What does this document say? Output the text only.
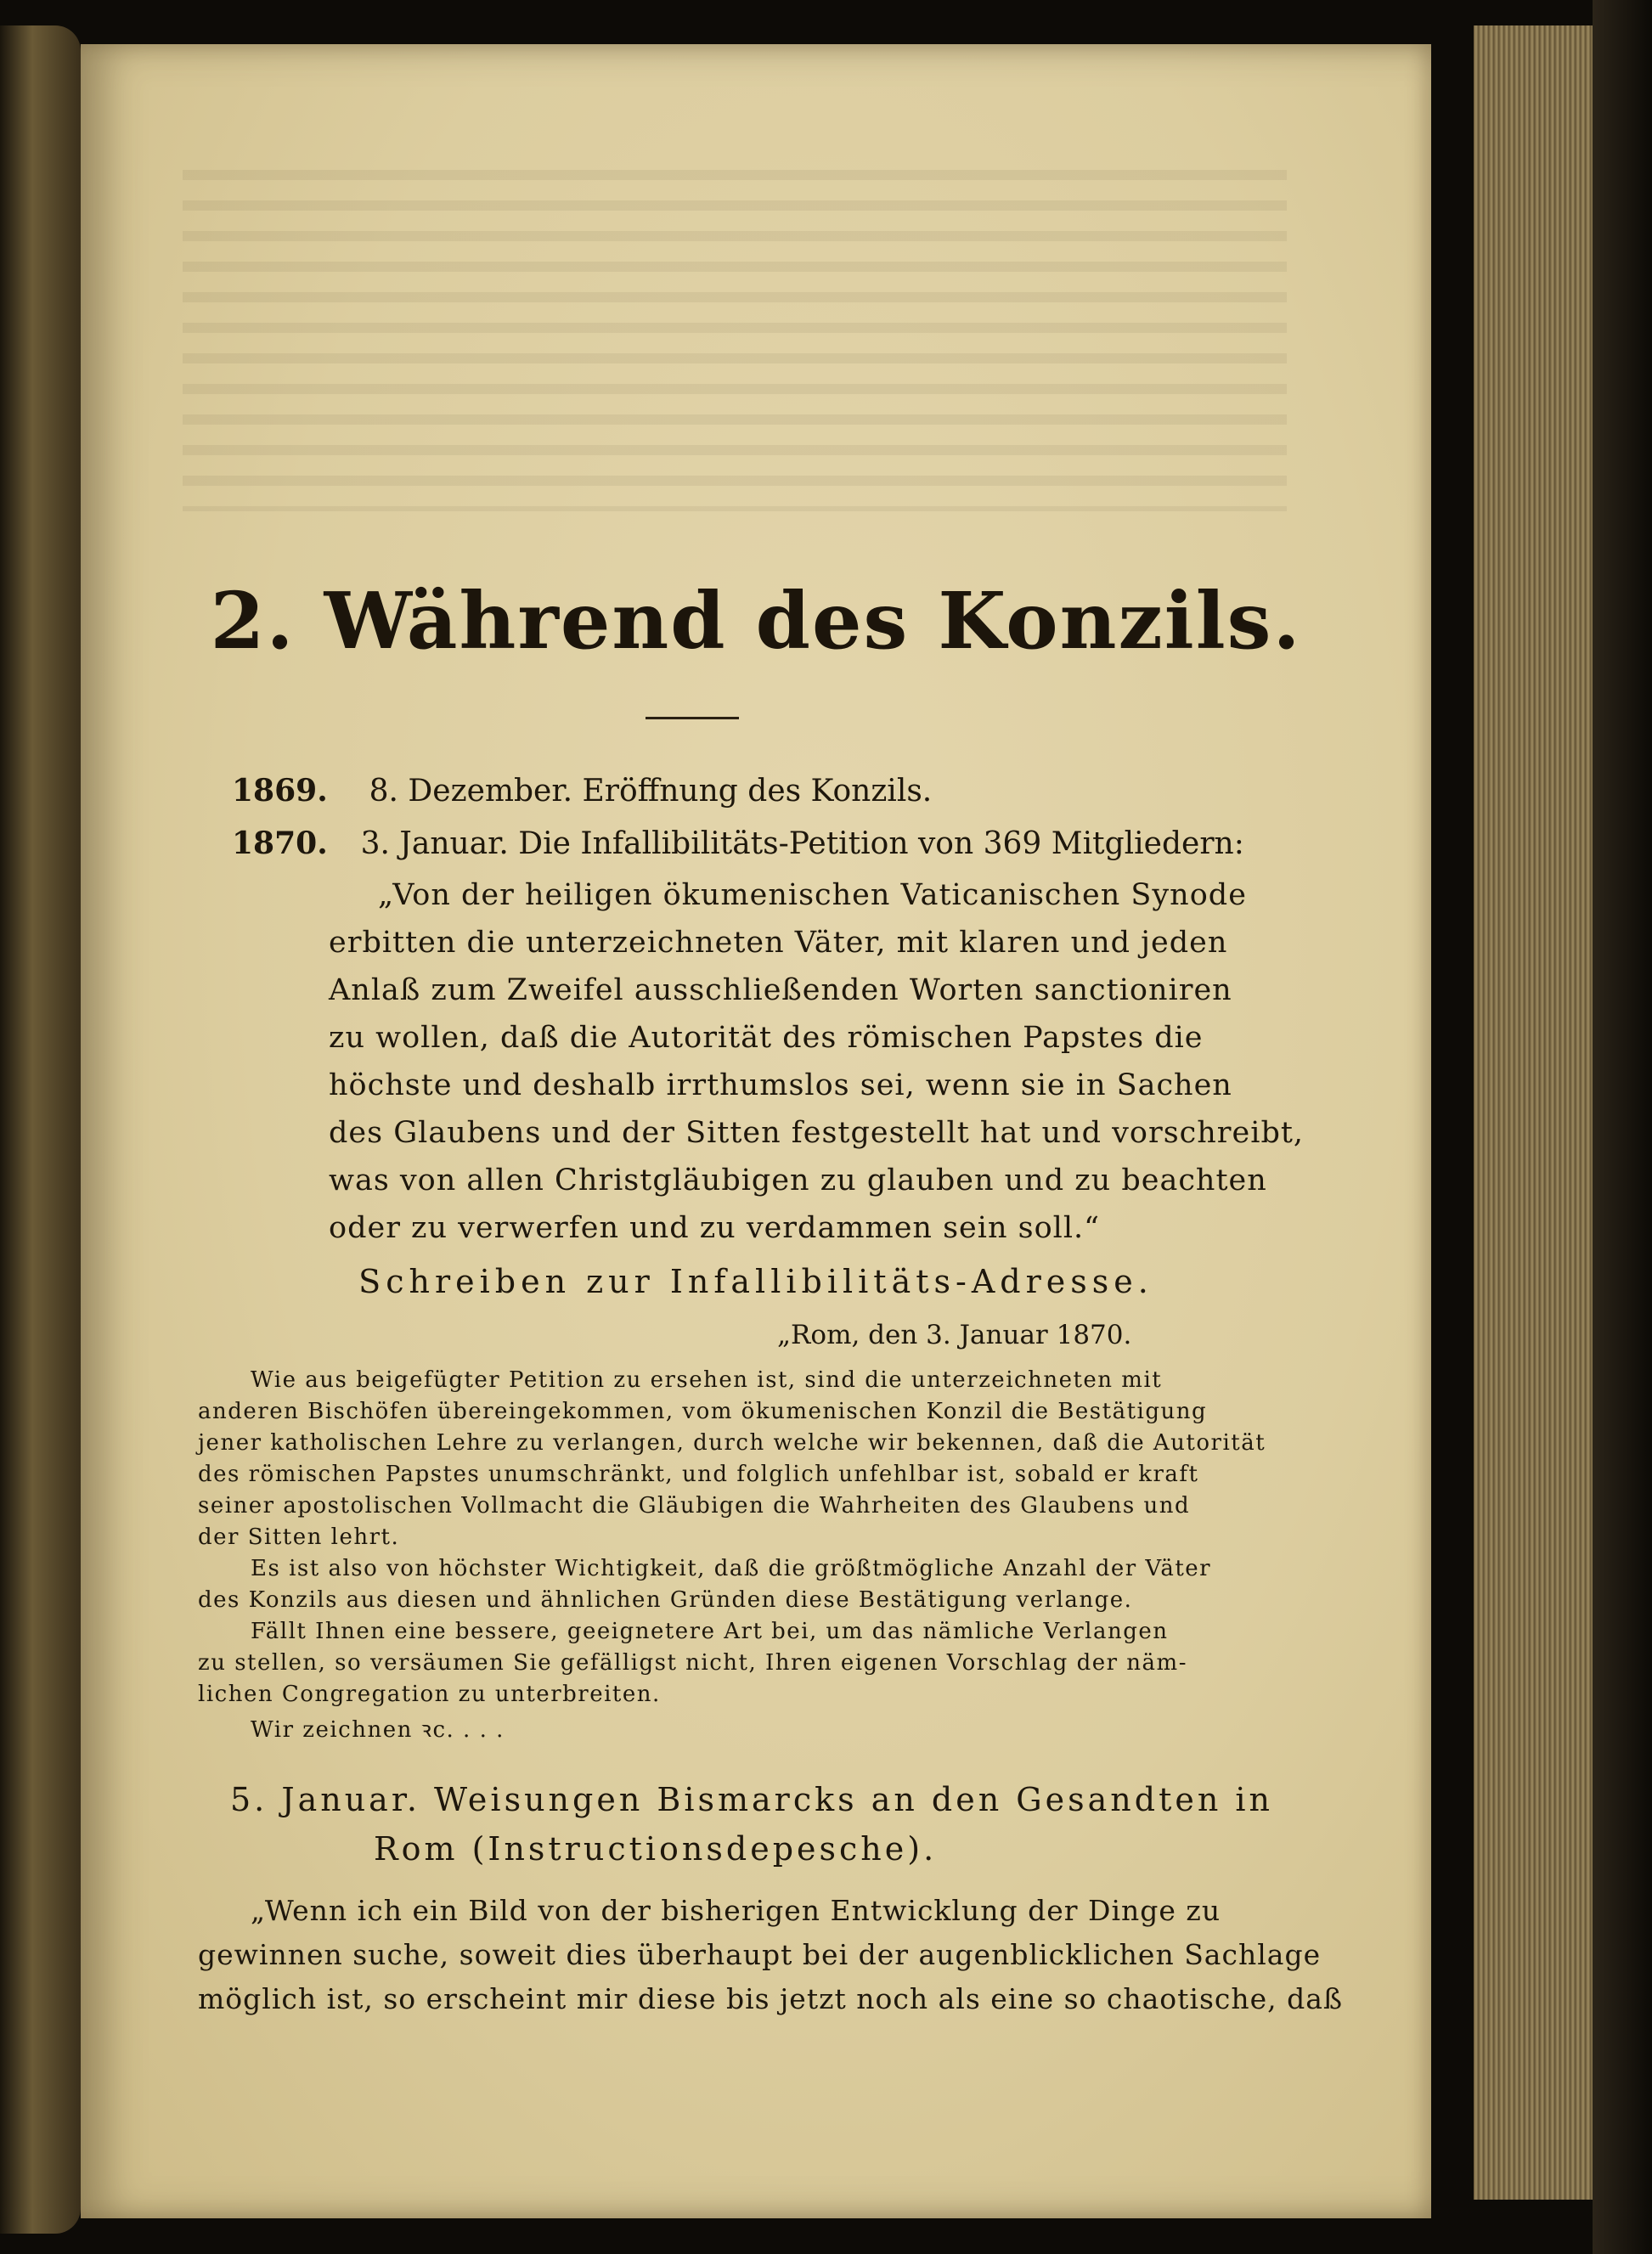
2. Während des Konzils.
1869. 8. Dezember. Eröffnung des Konzils.
1870. 3. Januar. Die Infallibilitäts-Petition von 369 Mitgliedern:
„Von der heiligen ökumenischen Vaticanischen Synode
erbitten die unterzeichneten Väter, mit klaren und jeden
Anlaß zum Zweifel ausschließenden Worten sanctioniren
zu wollen, daß die Autorität des römischen Papstes die
höchste und deshalb irrthumslos sei, wenn sie in Sachen
des Glaubens und der Sitten festgestellt hat und vorschreibt,
was von allen Christgläubigen zu glauben und zu beachten
oder zu verwerfen und zu verdammen sein soll.“
Schreiben zur Infallibilitäts-Adresse.
„Rom, den 3. Januar 1870.
Wie aus beigefügter Petition zu ersehen ist, sind die unterzeichneten mit
anderen Bischöfen übereingekommen, vom ökumenischen Konzil die Bestätigung
jener katholischen Lehre zu verlangen, durch welche wir bekennen, daß die Autorität
des römischen Papstes unumschränkt, und folglich unfehlbar ist, sobald er kraft
seiner apostolischen Vollmacht die Gläubigen die Wahrheiten des Glaubens und
der Sitten lehrt.
Es ist also von höchster Wichtigkeit, daß die größtmögliche Anzahl der Väter
des Konzils aus diesen und ähnlichen Gründen diese Bestätigung verlange.
Fällt Ihnen eine bessere, geeignetere Art bei, um das nämliche Verlangen
zu stellen, so versäumen Sie gefälligst nicht, Ihren eigenen Vorschlag der näm-
lichen Congregation zu unterbreiten.
Wir zeichnen ꝛc. . . .
5. Januar. Weisungen Bismarcks an den Gesandten in
Rom (Instructionsdepesche).
„Wenn ich ein Bild von der bisherigen Entwicklung der Dinge zu
gewinnen suche, soweit dies überhaupt bei der augenblicklichen Sachlage
möglich ist, so erscheint mir diese bis jetzt noch als eine so chaotische, daß
